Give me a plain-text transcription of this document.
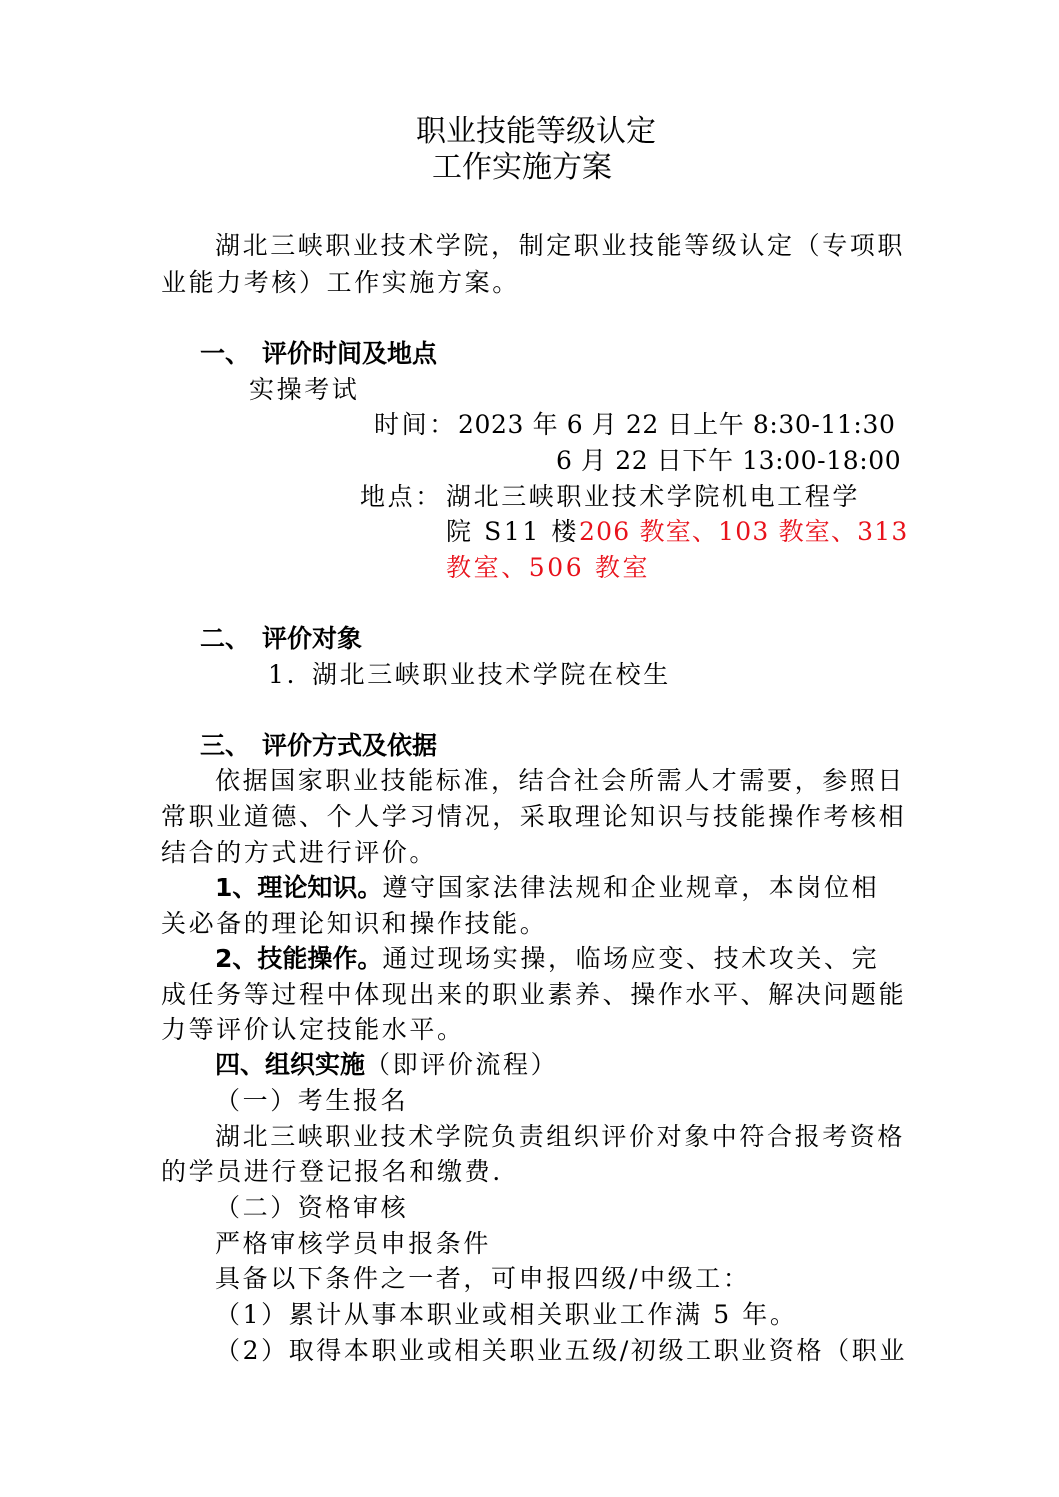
职业技能等级认定
工作实施方案
湖北三峡职业技术学院，制定职业技能等级认定（专项职
业能力考核）工作实施方案。
一、 评价时间及地点
实操考试
时间： 2023 年 6 月 22 日上午 8:30-11:30
6 月 22 日下午 13:00-18:00
地点： 湖北三峡职业技术学院机电工程学
院 S11 楼206 教室、103 教室、313
教室、506 教室
二、 评价对象
1. 湖北三峡职业技术学院在校生
三、 评价方式及依据
依据国家职业技能标准，结合社会所需人才需要，参照日
常职业道德、个人学习情况，采取理论知识与技能操作考核相
结合的方式进行评价。
1、理论知识。遵守国家法律法规和企业规章，本岗位相
关必备的理论知识和操作技能。
2、技能操作。通过现场实操，临场应变、技术攻关、完
成任务等过程中体现出来的职业素养、操作水平、解决问题能
力等评价认定技能水平。
四、组织实施（即评价流程）
（一）考生报名
湖北三峡职业技术学院负责组织评价对象中符合报考资格
的学员进行登记报名和缴费.
（二）资格审核
严格审核学员申报条件
具备以下条件之一者，可申报四级/中级工：
（1）累计从事本职业或相关职业工作满 5 年。
（2）取得本职业或相关职业五级/初级工职业资格（职业
